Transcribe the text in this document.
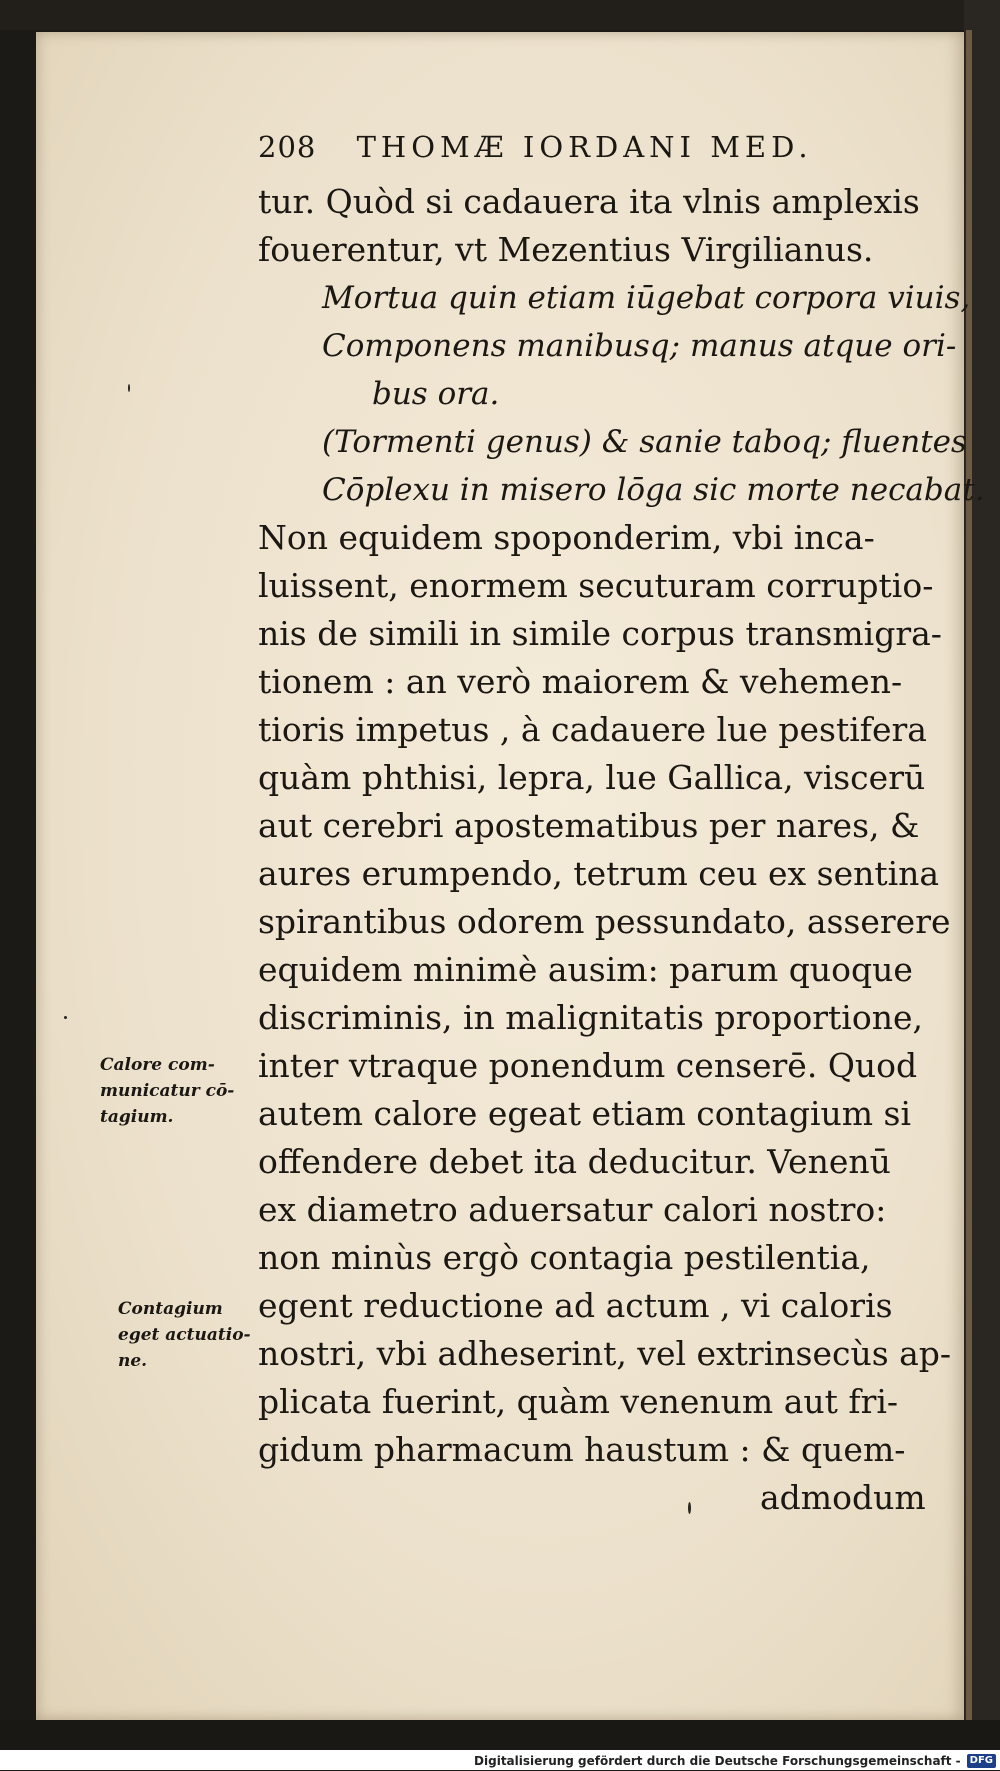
208 THOMÆ IORDANI MED.
tur. Quòd si cadauera ita vlnis amplexis
fouerentur, vt Mezentius Virgilianus.
Mortua quin etiam iūgebat corpora viuis,
Componens manibusq; manus atque ori-
bus ora.
(Tormenti genus) & sanie taboq; fluentes
Cōplexu in misero lōga sic morte necabat.
Non equidem spoponderim, vbi inca-
luissent, enormem secuturam corruptio-
nis de simili in simile corpus transmigra-
tionem : an verò maiorem & vehemen-
tioris impetus , à cadauere lue pestifera
quàm phthisi, lepra, lue Gallica, viscerū
aut cerebri apostematibus per nares, &
aures erumpendo, tetrum ceu ex sentina
spirantibus odorem pessundato, asserere
equidem minimè ausim: parum quoque
discriminis, in malignitatis proportione,
inter vtraque ponendum censerē. Quod
autem calore egeat etiam contagium si
offendere debet ita deducitur. Venenū
ex diametro aduersatur calori nostro:
non minùs ergò contagia pestilentia,
egent reductione ad actum , vi caloris
nostri, vbi adheserint, vel extrinsecùs ap-
plicata fuerint, quàm venenum aut fri-
gidum pharmacum haustum : & quem-
admodum
Calore com-
municatur cō-
tagium.
Contagium
eget actuatio-
ne.
Digitalisierung gefördert durch die Deutsche Forschungsgemeinschaft - DFG
